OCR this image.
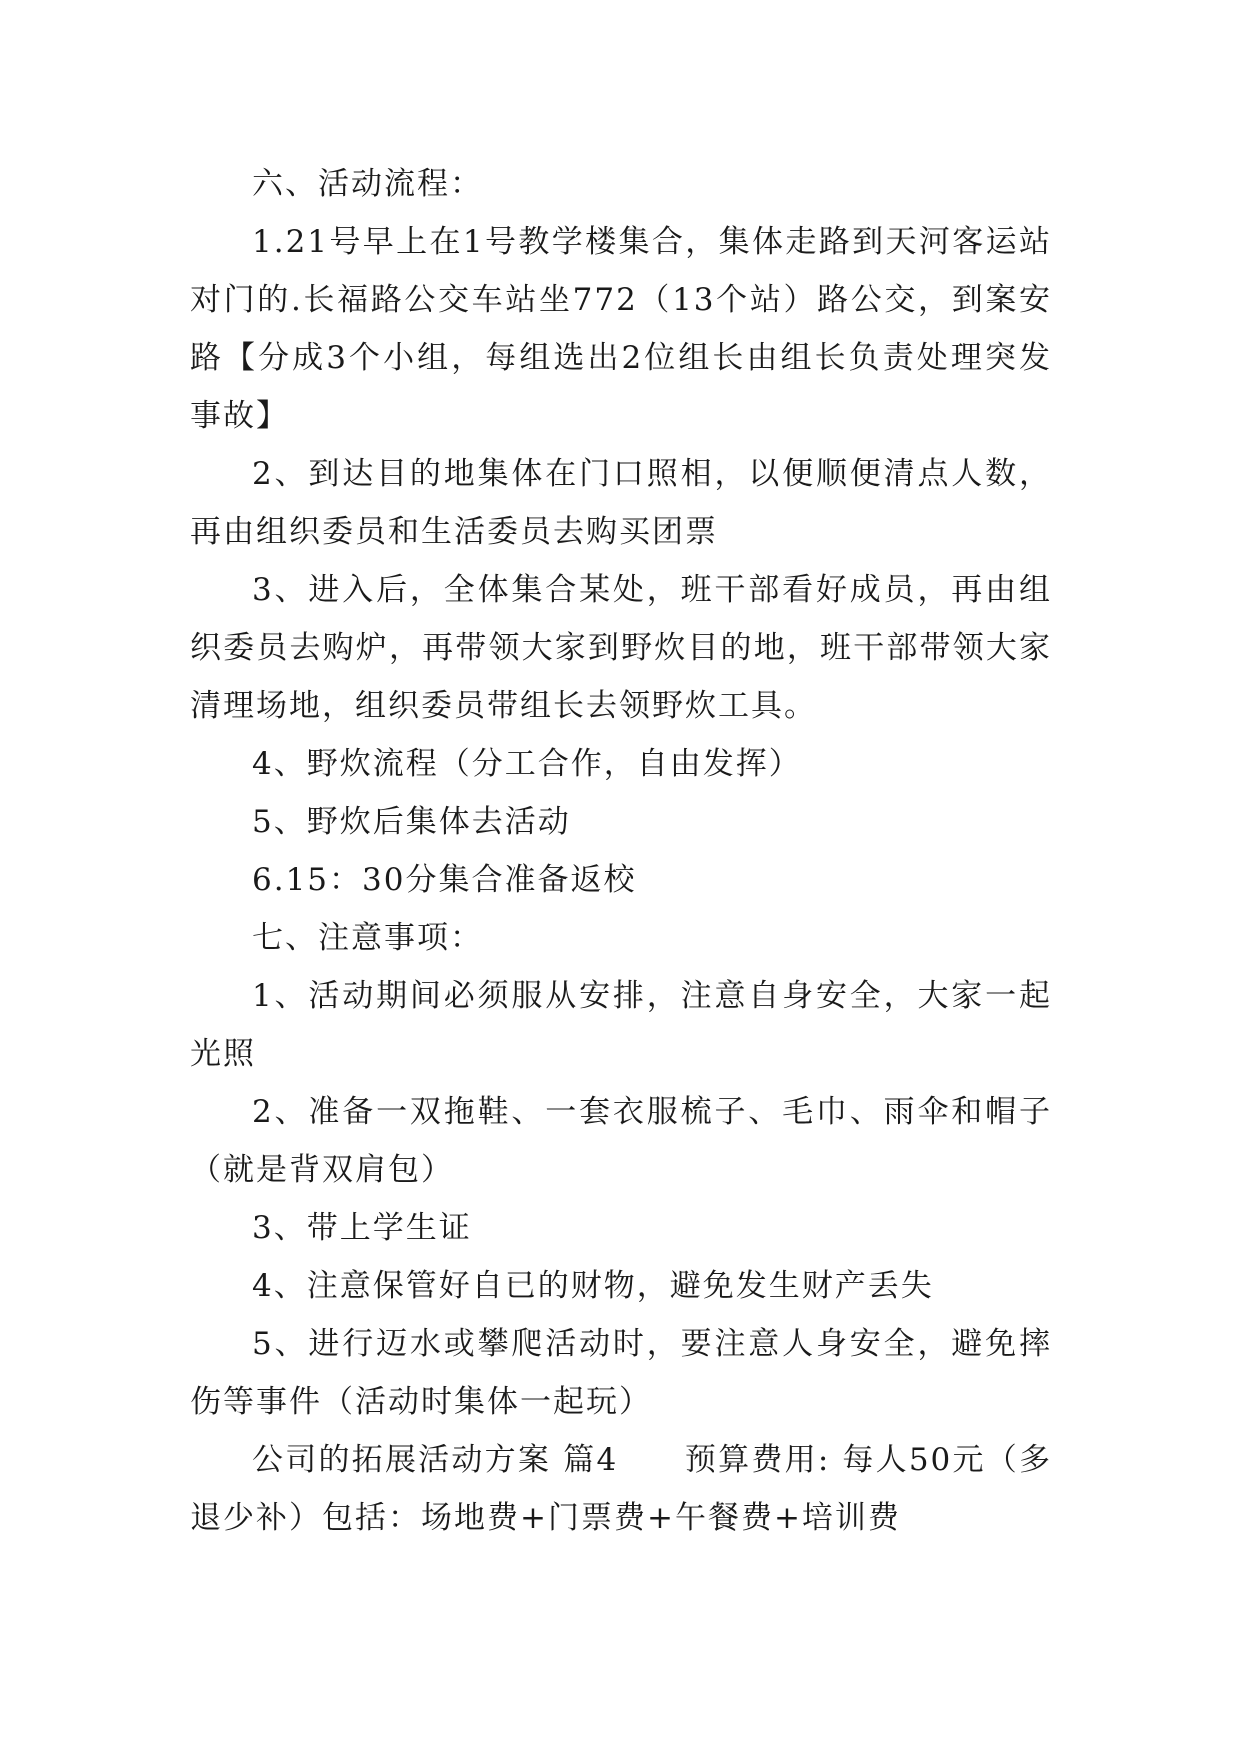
六、活动流程：

1.21号早上在1号教学楼集合，集体走路到天河客运站对门的.长福路公交车站坐772（13个站）路公交，到案安路【分成3个小组，每组选出2位组长由组长负责处理突发事故】

2、到达目的地集体在门口照相，以便顺便清点人数，再由组织委员和生活委员去购买团票

3、进入后，全体集合某处，班干部看好成员，再由组织委员去购炉，再带领大家到野炊目的地，班干部带领大家清理场地，组织委员带组长去领野炊工具。

4、野炊流程（分工合作，自由发挥）

5、野炊后集体去活动

6.15：30分集合准备返校

七、注意事项：

1、活动期间必须服从安排，注意自身安全，大家一起光照

2、准备一双拖鞋、一套衣服梳子、毛巾、雨伞和帽子（就是背双肩包）

3、带上学生证

4、注意保管好自已的财物，避免发生财产丢失

5、进行迈水或攀爬活动时，要注意人身安全，避免摔伤等事件（活动时集体一起玩）

公司的拓展活动方案 篇4　　预算费用: 每人50元（多退少补）包括：场地费+门票费+午餐费+培训费
